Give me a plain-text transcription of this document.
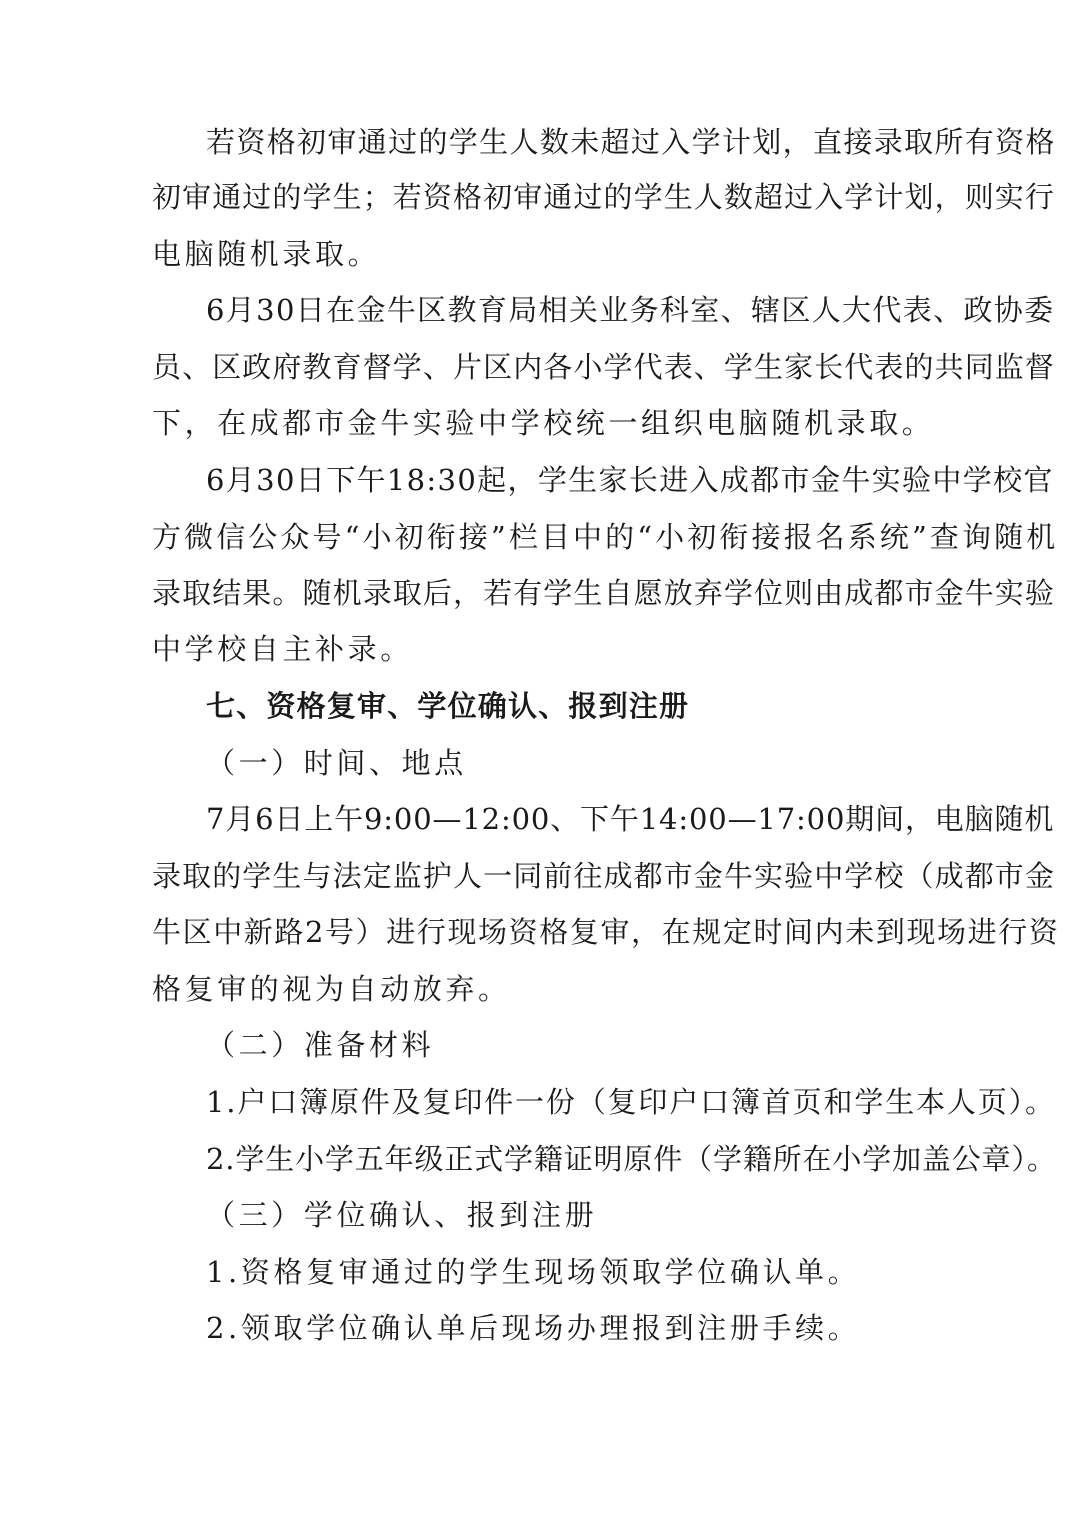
若资格初审通过的学生人数未超过入学计划，直接录取所有资格
初审通过的学生；若资格初审通过的学生人数超过入学计划，则实行
电脑随机录取。
6月30日在金牛区教育局相关业务科室、辖区人大代表、政协委
员、区政府教育督学、片区内各小学代表、学生家长代表的共同监督
下，在成都市金牛实验中学校统一组织电脑随机录取。
6月30日下午18:30起，学生家长进入成都市金牛实验中学校官
方微信公众号“小初衔接”栏目中的“小初衔接报名系统”查询随机
录取结果。随机录取后，若有学生自愿放弃学位则由成都市金牛实验
中学校自主补录。
七、资格复审、学位确认、报到注册
（一）时间、地点
7月6日上午9:00—12:00、下午14:00—17:00期间，电脑随机
录取的学生与法定监护人一同前往成都市金牛实验中学校（成都市金
牛区中新路2号）进行现场资格复审，在规定时间内未到现场进行资
格复审的视为自动放弃。
（二）准备材料
1.户口簿原件及复印件一份（复印户口簿首页和学生本人页）。
2.学生小学五年级正式学籍证明原件（学籍所在小学加盖公章）。
（三）学位确认、报到注册
1.资格复审通过的学生现场领取学位确认单。
2.领取学位确认单后现场办理报到注册手续。
